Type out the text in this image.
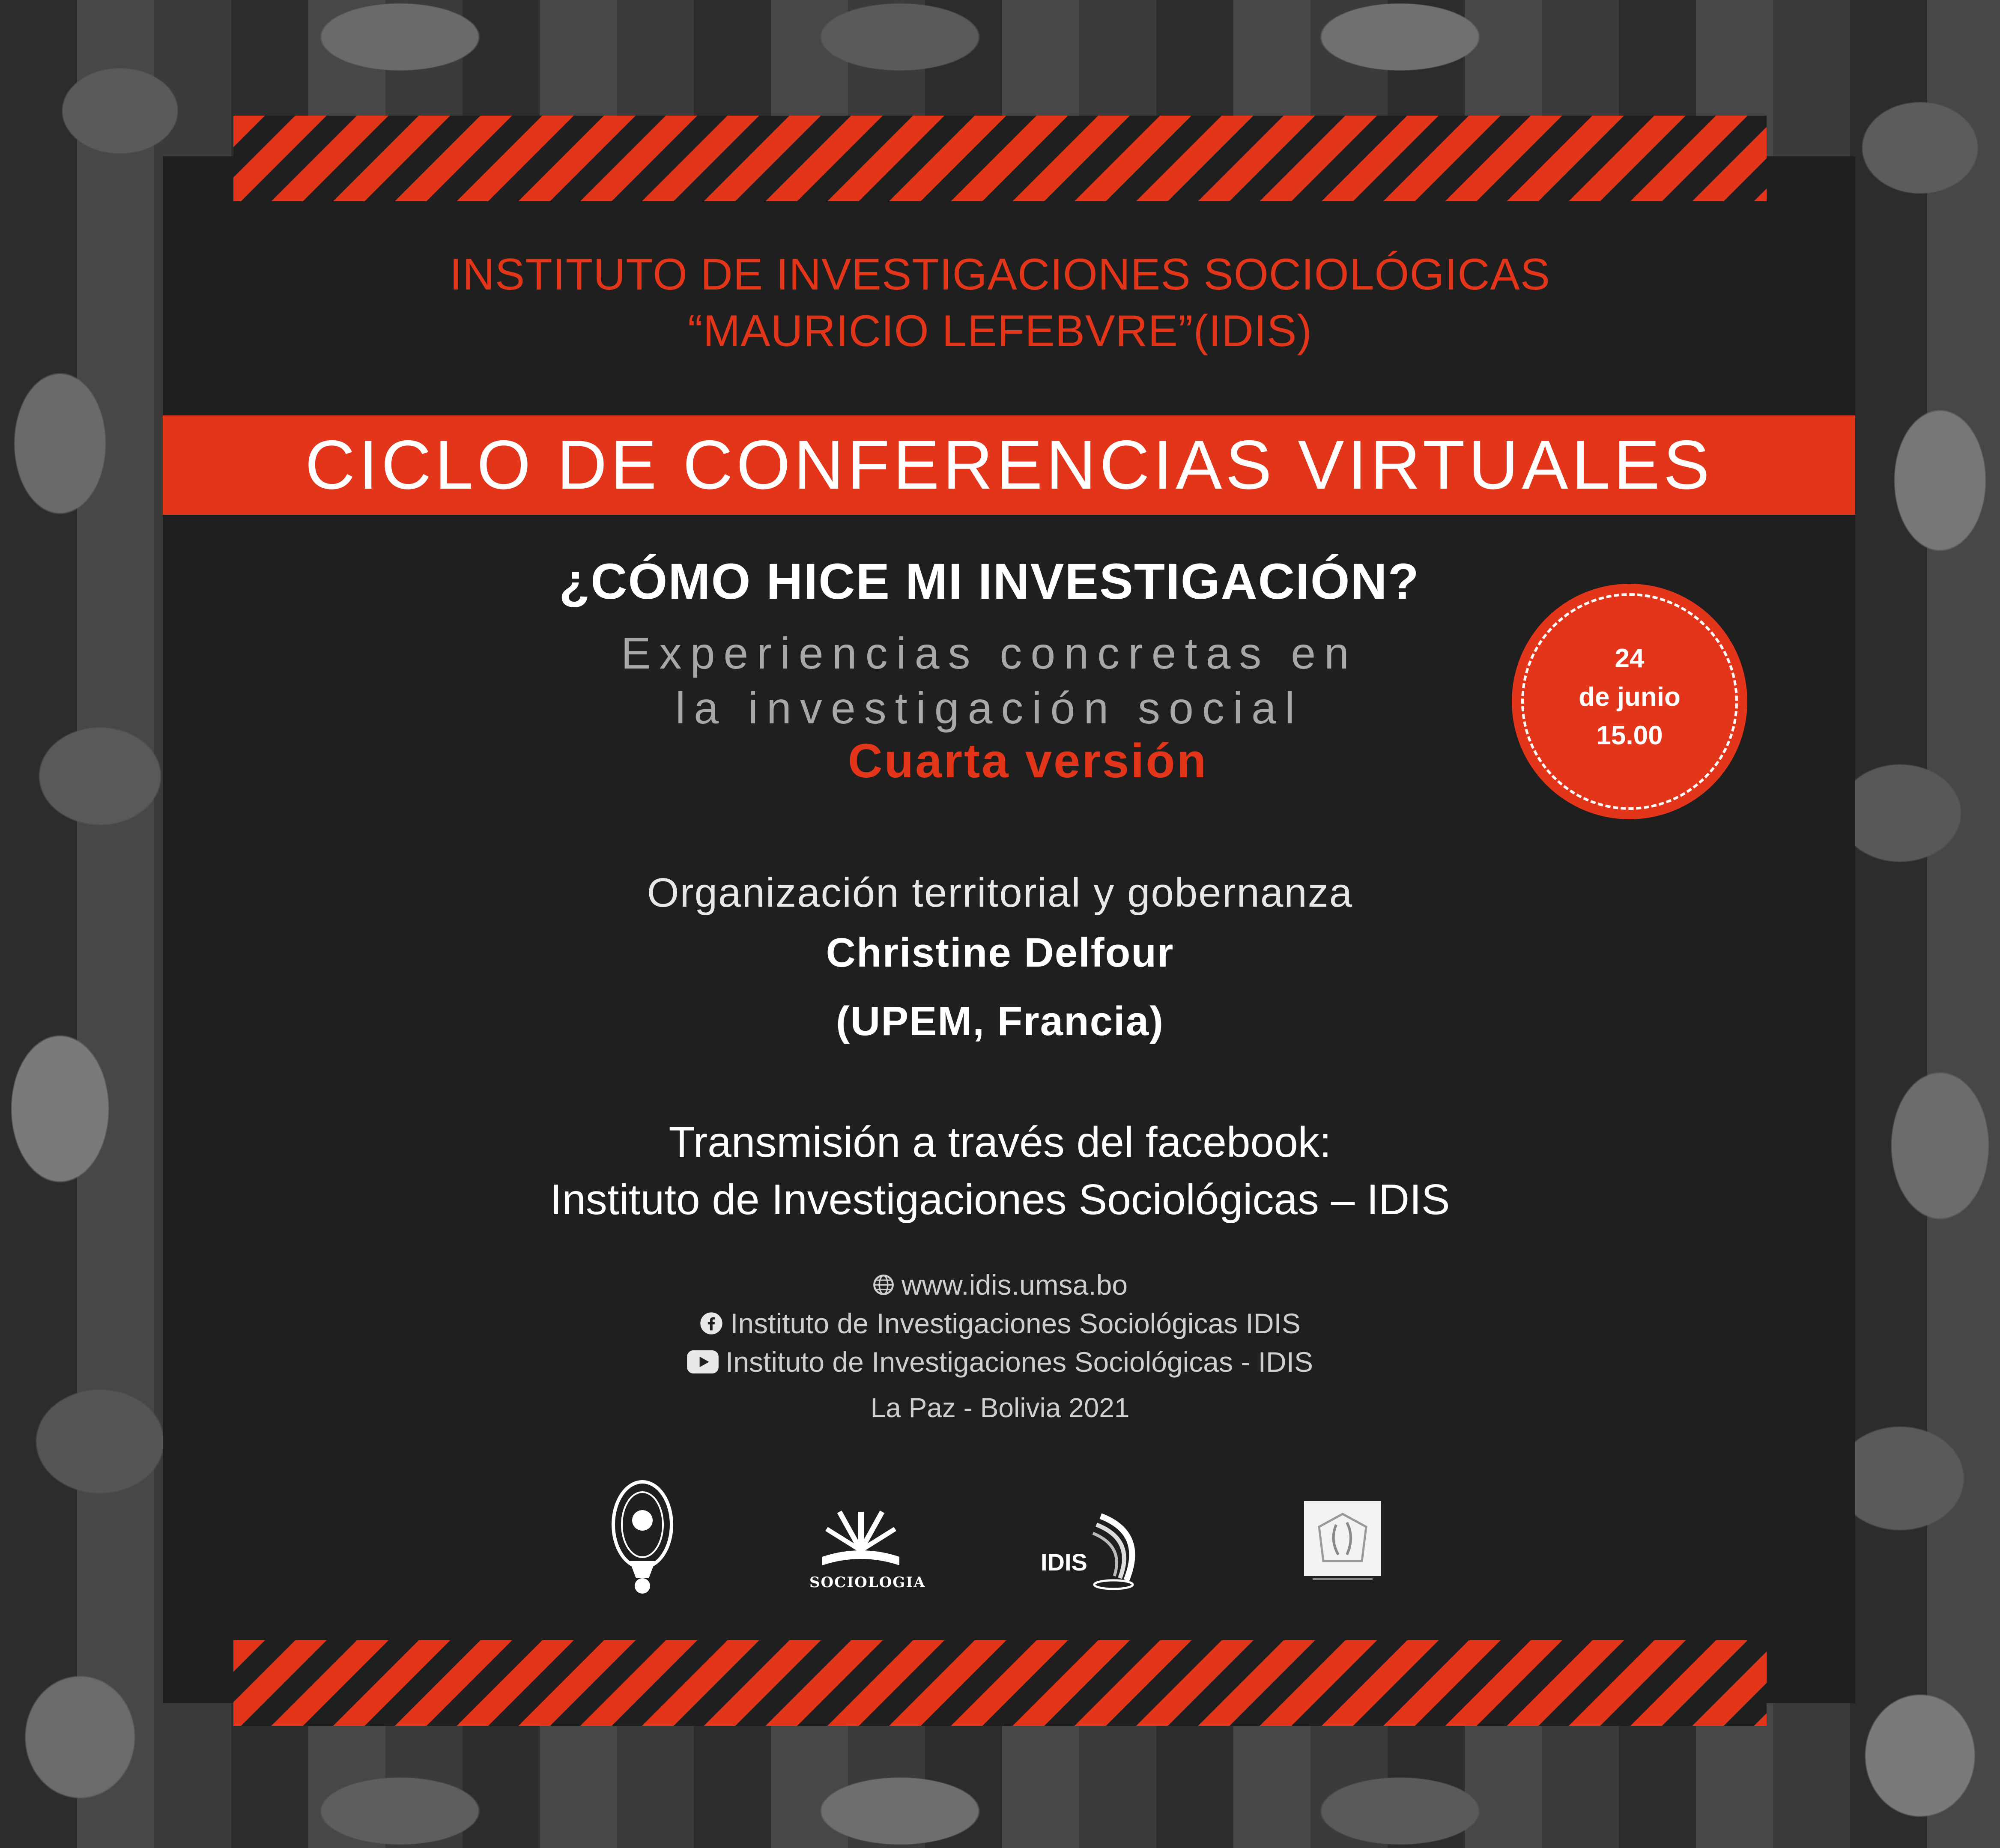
INSTITUTO DE INVESTIGACIONES SOCIOLÓGICAS
“MAURICIO LEFEBVRE”(IDIS)
CICLO DE CONFERENCIAS VIRTUALES
¿CÓMO HICE MI INVESTIGACIÓN?
Experiencias concretas en
la investigación social
Cuarta versión
24
de junio
15.00
Organización territorial y gobernanza
Christine Delfour
(UPEM, Francia)
Transmisión a través del facebook:
Instituto de Investigaciones Sociológicas – IDIS
www.idis.umsa.bo
Instituto de Investigaciones Sociológicas IDIS
Instituto de Investigaciones Sociológicas - IDIS
La Paz - Bolivia 2021
SOCIOLOGIA
IDIS
